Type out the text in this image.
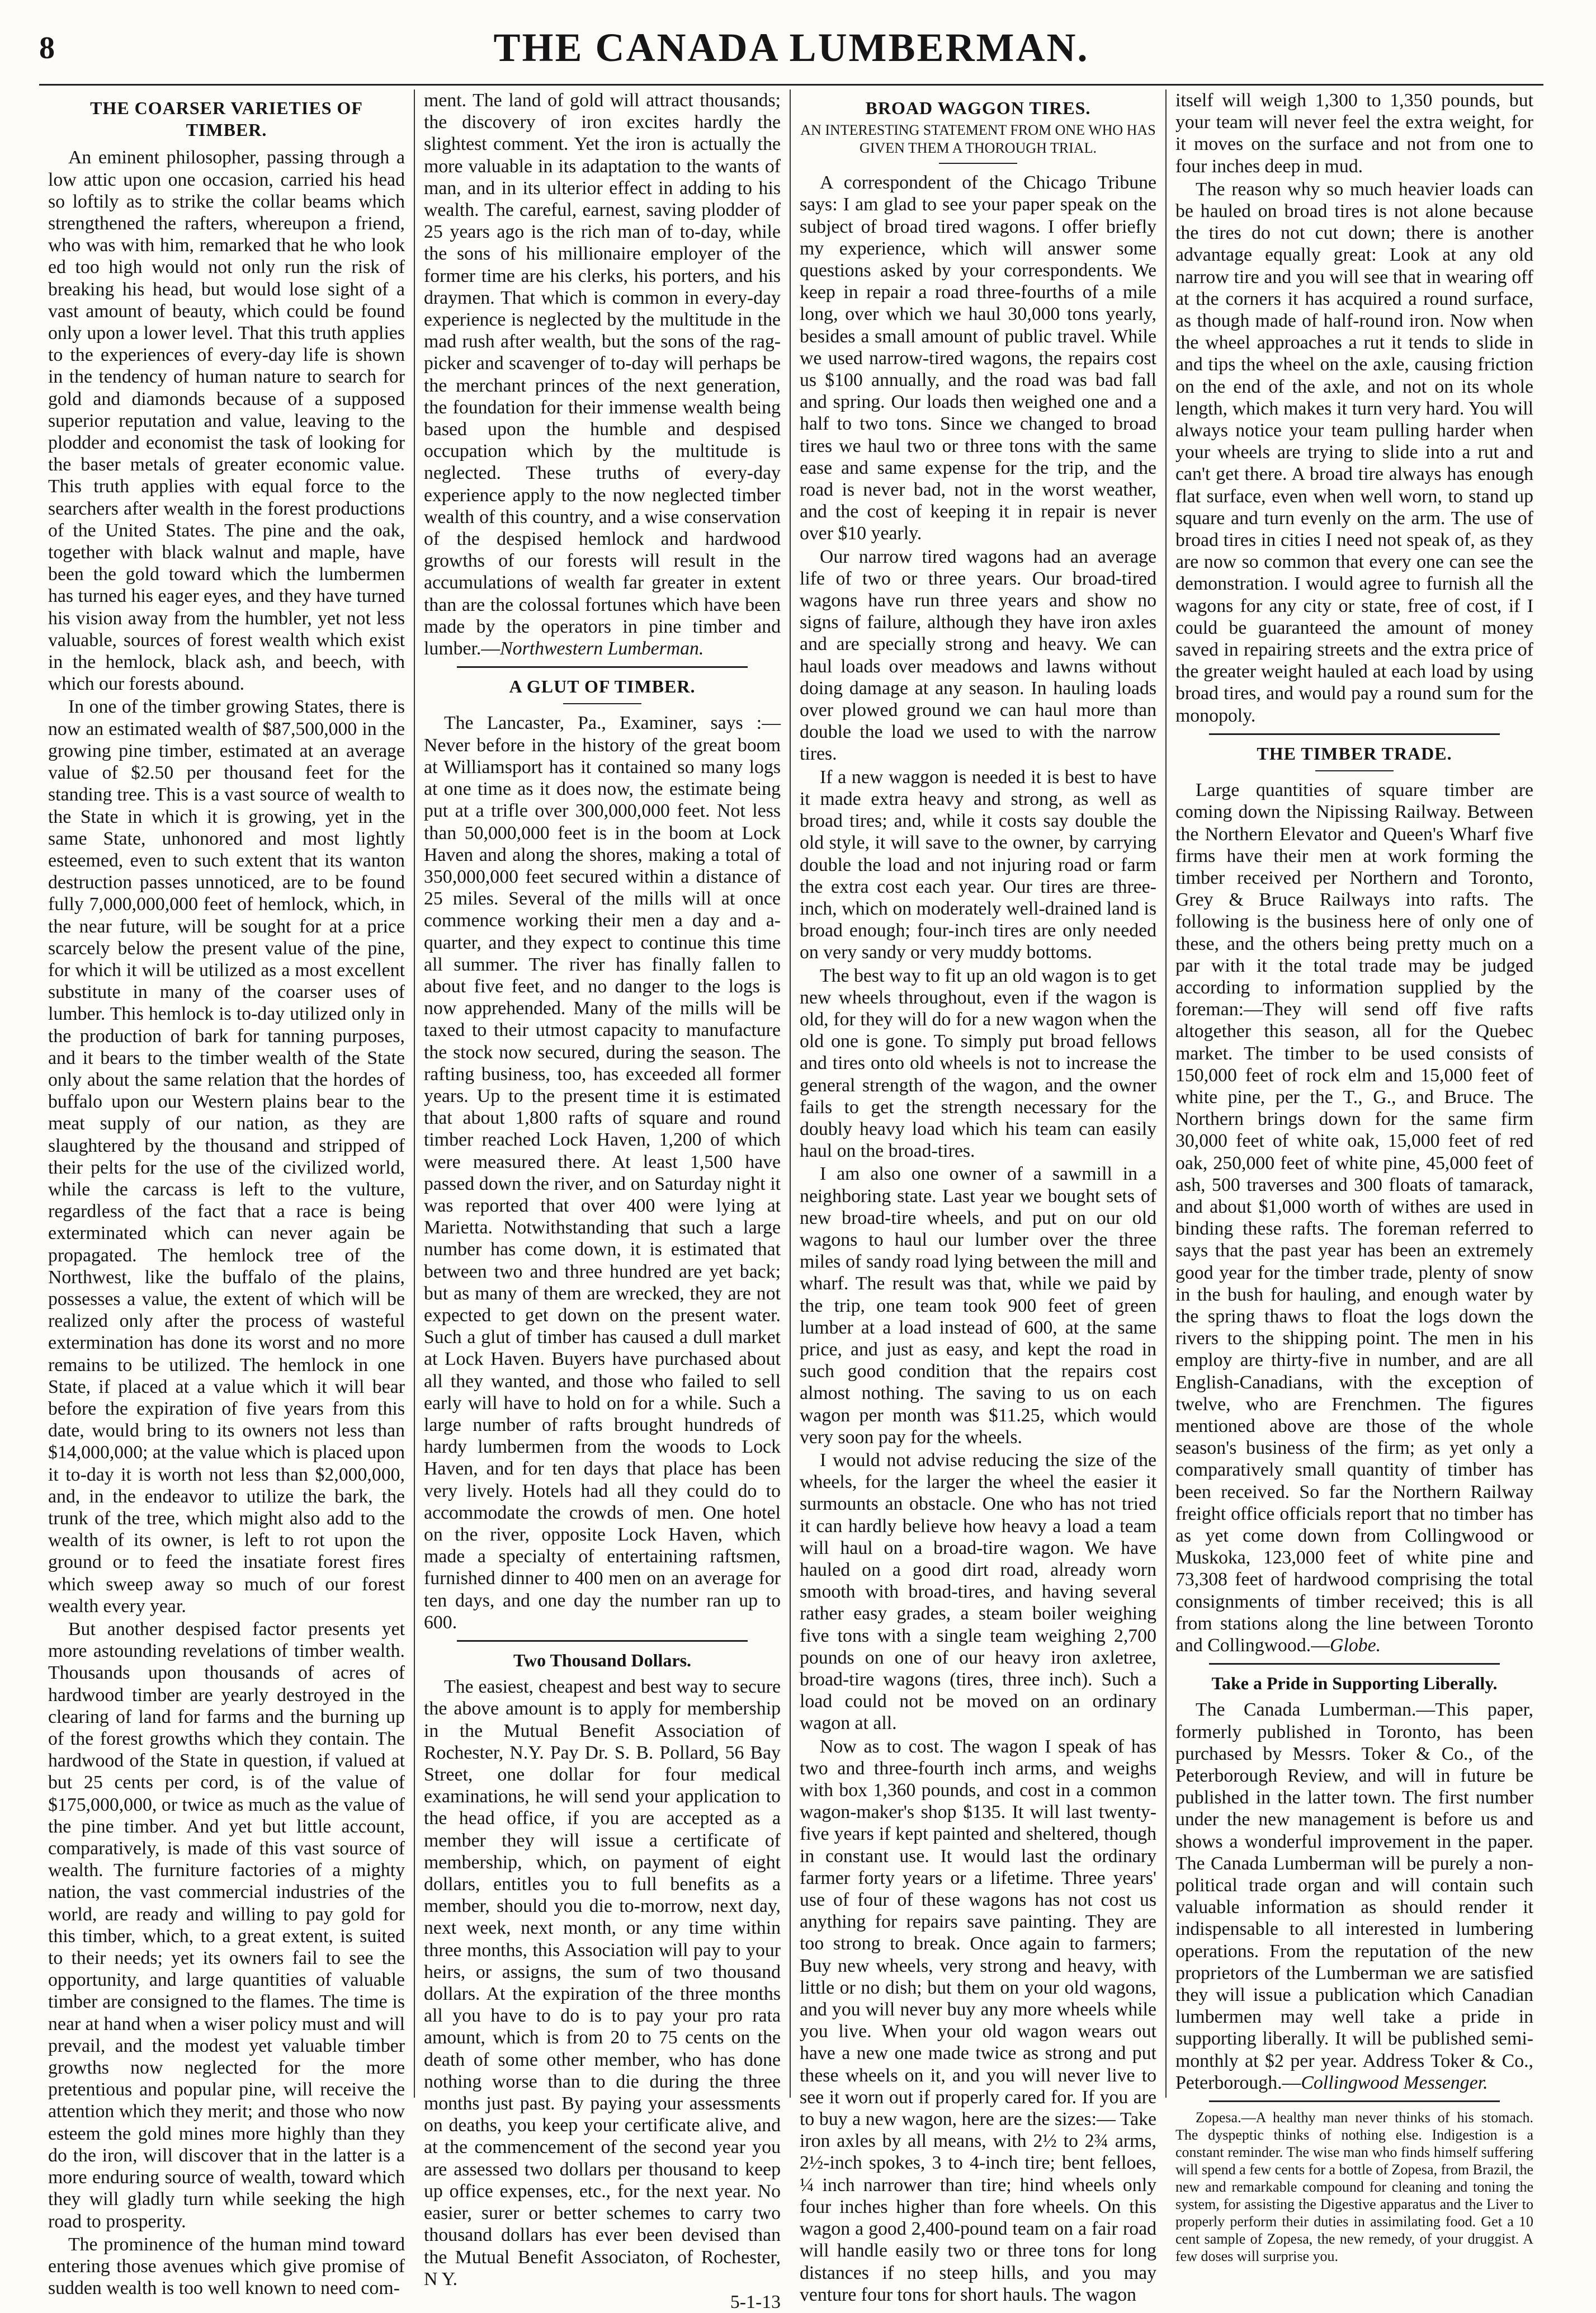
8	THE CANADA LUMBERMAN.
THE COARSER VARIETIES OF TIMBER.

An eminent philosopher, passing through a low attic upon one occasion, carried his head so loftily as to strike the collar beams which strengthened the rafters, whereupon a friend, who was with him, remarked that he who look ed too high would not only run the risk of breaking his head, but would lose sight of a vast amount of beauty, which could be found only upon a lower level. That this truth applies to the experiences of every-day life is shown in the tendency of human nature to search for gold and diamonds because of a supposed superior reputation and value, leaving to the plodder and economist the task of looking for the baser metals of greater economic value. This truth applies with equal force to the searchers after wealth in the forest productions of the United States. The pine and the oak, together with black walnut and maple, have been the gold toward which the lumbermen has turned his eager eyes, and they have turned his vision away from the humbler, yet not less valuable, sources of forest wealth which exist in the hemlock, black ash, and beech, with which our forests abound.

In one of the timber growing States, there is now an estimated wealth of $87,500,000 in the growing pine timber, estimated at an average value of $2.50 per thousand feet for the standing tree. This is a vast source of wealth to the State in which it is growing, yet in the same State, unhonored and most lightly esteemed, even to such extent that its wanton destruction passes unnoticed, are to be found fully 7,000,000,000 feet of hemlock, which, in the near future, will be sought for at a price scarcely below the present value of the pine, for which it will be utilized as a most excellent substitute in many of the coarser uses of lumber. This hemlock is to-day utilized only in the production of bark for tanning purposes, and it bears to the timber wealth of the State only about the same relation that the hordes of buffalo upon our Western plains bear to the meat supply of our nation, as they are slaughtered by the thousand and stripped of their pelts for the use of the civilized world, while the carcass is left to the vulture, regardless of the fact that a race is being exterminated which can never again be propagated. The hemlock tree of the Northwest, like the buffalo of the plains, possesses a value, the extent of which will be realized only after the process of wasteful extermination has done its worst and no more remains to be utilized. The hemlock in one State, if placed at a value which it will bear before the expiration of five years from this date, would bring to its owners not less than $14,000,000; at the value which is placed upon it to-day it is worth not less than $2,000,000, and, in the endeavor to utilize the bark, the trunk of the tree, which might also add to the wealth of its owner, is left to rot upon the ground or to feed the insatiate forest fires which sweep away so much of our forest wealth every year.

But another despised factor presents yet more astounding revelations of timber wealth. Thousands upon thousands of acres of hardwood timber are yearly destroyed in the clearing of land for farms and the burning up of the forest growths which they contain. The hardwood of the State in question, if valued at but 25 cents per cord, is of the value of $175,000,000, or twice as much as the value of the pine timber. And yet but little account, comparatively, is made of this vast source of wealth. The furniture factories of a mighty nation, the vast commercial industries of the world, are ready and willing to pay gold for this timber, which, to a great extent, is suited to their needs; yet its owners fail to see the opportunity, and large quantities of valuable timber are consigned to the flames. The time is near at hand when a wiser policy must and will prevail, and the modest yet valuable timber growths now neglected for the more pretentious and popular pine, will receive the attention which they merit; and those who now esteem the gold mines more highly than they do the iron, will discover that in the latter is a more enduring source of wealth, toward which they will gladly turn while seeking the high road to prosperity.

The prominence of the human mind toward entering those avenues which give promise of sudden wealth is too well known to need com-

ment. The land of gold will attract thousands; the discovery of iron excites hardly the slightest comment. Yet the iron is actually the more valuable in its adaptation to the wants of man, and in its ulterior effect in adding to his wealth. The careful, earnest, saving plodder of 25 years ago is the rich man of to-day, while the sons of his millionaire employer of the former time are his clerks, his porters, and his draymen. That which is common in every-day experience is neglected by the multitude in the mad rush after wealth, but the sons of the rag-picker and scavenger of to-day will perhaps be the merchant princes of the next generation, the foundation for their immense wealth being based upon the humble and despised occupation which by the multitude is neglected. These truths of every-day experience apply to the now neglected timber wealth of this country, and a wise conservation of the despised hemlock and hardwood growths of our forests will result in the accumulations of wealth far greater in extent than are the colossal fortunes which have been made by the operators in pine timber and lumber.—Northwestern Lumberman.

A GLUT OF TIMBER.

The Lancaster, Pa., Examiner, says :—Never before in the history of the great boom at Williamsport has it contained so many logs at one time as it does now, the estimate being put at a trifle over 300,000,000 feet. Not less than 50,000,000 feet is in the boom at Lock Haven and along the shores, making a total of 350,000,000 feet secured within a distance of 25 miles. Several of the mills will at once commence working their men a day and a-quarter, and they expect to continue this time all summer. The river has finally fallen to about five feet, and no danger to the logs is now apprehended. Many of the mills will be taxed to their utmost capacity to manufacture the stock now secured, during the season. The rafting business, too, has exceeded all former years. Up to the present time it is estimated that about 1,800 rafts of square and round timber reached Lock Haven, 1,200 of which were measured there. At least 1,500 have passed down the river, and on Saturday night it was reported that over 400 were lying at Marietta. Notwithstanding that such a large number has come down, it is estimated that between two and three hundred are yet back; but as many of them are wrecked, they are not expected to get down on the present water. Such a glut of timber has caused a dull market at Lock Haven. Buyers have purchased about all they wanted, and those who failed to sell early will have to hold on for a while. Such a large number of rafts brought hundreds of hardy lumbermen from the woods to Lock Haven, and for ten days that place has been very lively. Hotels had all they could do to accommodate the crowds of men. One hotel on the river, opposite Lock Haven, which made a specialty of entertaining raftsmen, furnished dinner to 400 men on an average for ten days, and one day the number ran up to 600.

Two Thousand Dollars.

The easiest, cheapest and best way to secure the above amount is to apply for membership in the Mutual Benefit Association of Rochester, N.Y. Pay Dr. S. B. Pollard, 56 Bay Street, one dollar for four medical examinations, he will send your application to the head office, if you are accepted as a member they will issue a certificate of membership, which, on payment of eight dollars, entitles you to full benefits as a member, should you die to-morrow, next day, next week, next month, or any time within three months, this Association will pay to your heirs, or assigns, the sum of two thousand dollars. At the expiration of the three months all you have to do is to pay your pro rata amount, which is from 20 to 75 cents on the death of some other member, who has done nothing worse than to die during the three months just past. By paying your assessments on deaths, you keep your certificate alive, and at the commencement of the second year you are assessed two dollars per thousand to keep up office expenses, etc., for the next year. No easier, surer or better schemes to carry two thousand dollars has ever been devised than the Mutual Benefit Associaton, of Rochester, N Y.

5-1-13
BROAD WAGGON TIRES.
AN INTERESTING STATEMENT FROM ONE WHO HAS GIVEN THEM A THOROUGH TRIAL.

A correspondent of the Chicago Tribune says: I am glad to see your paper speak on the subject of broad tired wagons. I offer briefly my experience, which will answer some questions asked by your correspondents. We keep in repair a road three-fourths of a mile long, over which we haul 30,000 tons yearly, besides a small amount of public travel. While we used narrow-tired wagons, the repairs cost us $100 annually, and the road was bad fall and spring. Our loads then weighed one and a half to two tons. Since we changed to broad tires we haul two or three tons with the same ease and same expense for the trip, and the road is never bad, not in the worst weather, and the cost of keeping it in repair is never over $10 yearly.

Our narrow tired wagons had an average life of two or three years. Our broad-tired wagons have run three years and show no signs of failure, although they have iron axles and are specially strong and heavy. We can haul loads over meadows and lawns without doing damage at any season. In hauling loads over plowed ground we can haul more than double the load we used to with the narrow tires.

If a new waggon is needed it is best to have it made extra heavy and strong, as well as broad tires; and, while it costs say double the old style, it will save to the owner, by carrying double the load and not injuring road or farm the extra cost each year. Our tires are three-inch, which on moderately well-drained land is broad enough; four-inch tires are only needed on very sandy or very muddy bottoms.

The best way to fit up an old wagon is to get new wheels throughout, even if the wagon is old, for they will do for a new wagon when the old one is gone. To simply put broad fellows and tires onto old wheels is not to increase the general strength of the wagon, and the owner fails to get the strength necessary for the doubly heavy load which his team can easily haul on the broad-tires.

I am also one owner of a sawmill in a neighboring state. Last year we bought sets of new broad-tire wheels, and put on our old wagons to haul our lumber over the three miles of sandy road lying between the mill and wharf. The result was that, while we paid by the trip, one team took 900 feet of green lumber at a load instead of 600, at the same price, and just as easy, and kept the road in such good condition that the repairs cost almost nothing. The saving to us on each wagon per month was $11.25, which would very soon pay for the wheels.

I would not advise reducing the size of the wheels, for the larger the wheel the easier it surmounts an obstacle. One who has not tried it can hardly believe how heavy a load a team will haul on a broad-tire wagon. We have hauled on a good dirt road, already worn smooth with broad-tires, and having several rather easy grades, a steam boiler weighing five tons with a single team weighing 2,700 pounds on one of our heavy iron axletree, broad-tire wagons (tires, three inch). Such a load could not be moved on an ordinary wagon at all.

Now as to cost. The wagon I speak of has two and three-fourth inch arms, and weighs with box 1,360 pounds, and cost in a common wagon-maker's shop $135. It will last twenty-five years if kept painted and sheltered, though in constant use. It would last the ordinary farmer forty years or a lifetime. Three years' use of four of these wagons has not cost us anything for repairs save painting. They are too strong to break. Once again to farmers; Buy new wheels, very strong and heavy, with little or no dish; but them on your old wagons, and you will never buy any more wheels while you live. When your old wagon wears out have a new one made twice as strong and put these wheels on it, and you will never live to see it worn out if properly cared for. If you are to buy a new wagon, here are the sizes:— Take iron axles by all means, with 2½ to 2¾ arms, 2½-inch spokes, 3 to 4-inch tire; bent felloes, ¼ inch narrower than tire; hind wheels only four inches higher than fore wheels. On this wagon a good 2,400-pound team on a fair road will handle easily two or three tons for long distances if no steep hills, and you may venture four tons for short hauls. The wagon

itself will weigh 1,300 to 1,350 pounds, but your team will never feel the extra weight, for it moves on the surface and not from one to four inches deep in mud.

The reason why so much heavier loads can be hauled on broad tires is not alone because the tires do not cut down; there is another advantage equally great: Look at any old narrow tire and you will see that in wearing off at the corners it has acquired a round surface, as though made of half-round iron. Now when the wheel approaches a rut it tends to slide in and tips the wheel on the axle, causing friction on the end of the axle, and not on its whole length, which makes it turn very hard. You will always notice your team pulling harder when your wheels are trying to slide into a rut and can't get there. A broad tire always has enough flat surface, even when well worn, to stand up square and turn evenly on the arm. The use of broad tires in cities I need not speak of, as they are now so common that every one can see the demonstration. I would agree to furnish all the wagons for any city or state, free of cost, if I could be guaranteed the amount of money saved in repairing streets and the extra price of the greater weight hauled at each load by using broad tires, and would pay a round sum for the monopoly.

THE TIMBER TRADE.

Large quantities of square timber are coming down the Nipissing Railway. Between the Northern Elevator and Queen's Wharf five firms have their men at work forming the timber received per Northern and Toronto, Grey & Bruce Railways into rafts. The following is the business here of only one of these, and the others being pretty much on a par with it the total trade may be judged according to information supplied by the foreman:—They will send off five rafts altogether this season, all for the Quebec market. The timber to be used consists of 150,000 feet of rock elm and 15,000 feet of white pine, per the T., G., and Bruce. The Northern brings down for the same firm 30,000 feet of white oak, 15,000 feet of red oak, 250,000 feet of white pine, 45,000 feet of ash, 500 traverses and 300 floats of tamarack, and about $1,000 worth of withes are used in binding these rafts. The foreman referred to says that the past year has been an extremely good year for the timber trade, plenty of snow in the bush for hauling, and enough water by the spring thaws to float the logs down the rivers to the shipping point. The men in his employ are thirty-five in number, and are all English-Canadians, with the exception of twelve, who are Frenchmen. The figures mentioned above are those of the whole season's business of the firm; as yet only a comparatively small quantity of timber has been received. So far the Northern Railway freight office officials report that no timber has as yet come down from Collingwood or Muskoka, 123,000 feet of white pine and 73,308 feet of hardwood comprising the total consignments of timber received; this is all from stations along the line between Toronto and Collingwood.—Globe.

Take a Pride in Supporting Liberally.

The Canada Lumberman.—This paper, formerly published in Toronto, has been purchased by Messrs. Toker & Co., of the Peterborough Review, and will in future be published in the latter town. The first number under the new management is before us and shows a wonderful improvement in the paper. The Canada Lumberman will be purely a non-political trade organ and will contain such valuable information as should render it indispensable to all interested in lumbering operations. From the reputation of the new proprietors of the Lumberman we are satisfied they will issue a publication which Canadian lumbermen may well take a pride in supporting liberally. It will be published semi-monthly at $2 per year. Address Toker & Co., Peterborough.—Collingwood Messenger.

Zopesa.—A healthy man never thinks of his stomach. The dyspeptic thinks of nothing else. Indigestion is a constant reminder. The wise man who finds himself suffering will spend a few cents for a bottle of Zopesa, from Brazil, the new and remarkable compound for cleaning and toning the system, for assisting the Digestive apparatus and the Liver to properly perform their duties in assimilating food. Get a 10 cent sample of Zopesa, the new remedy, of your druggist. A few doses will surprise you.
